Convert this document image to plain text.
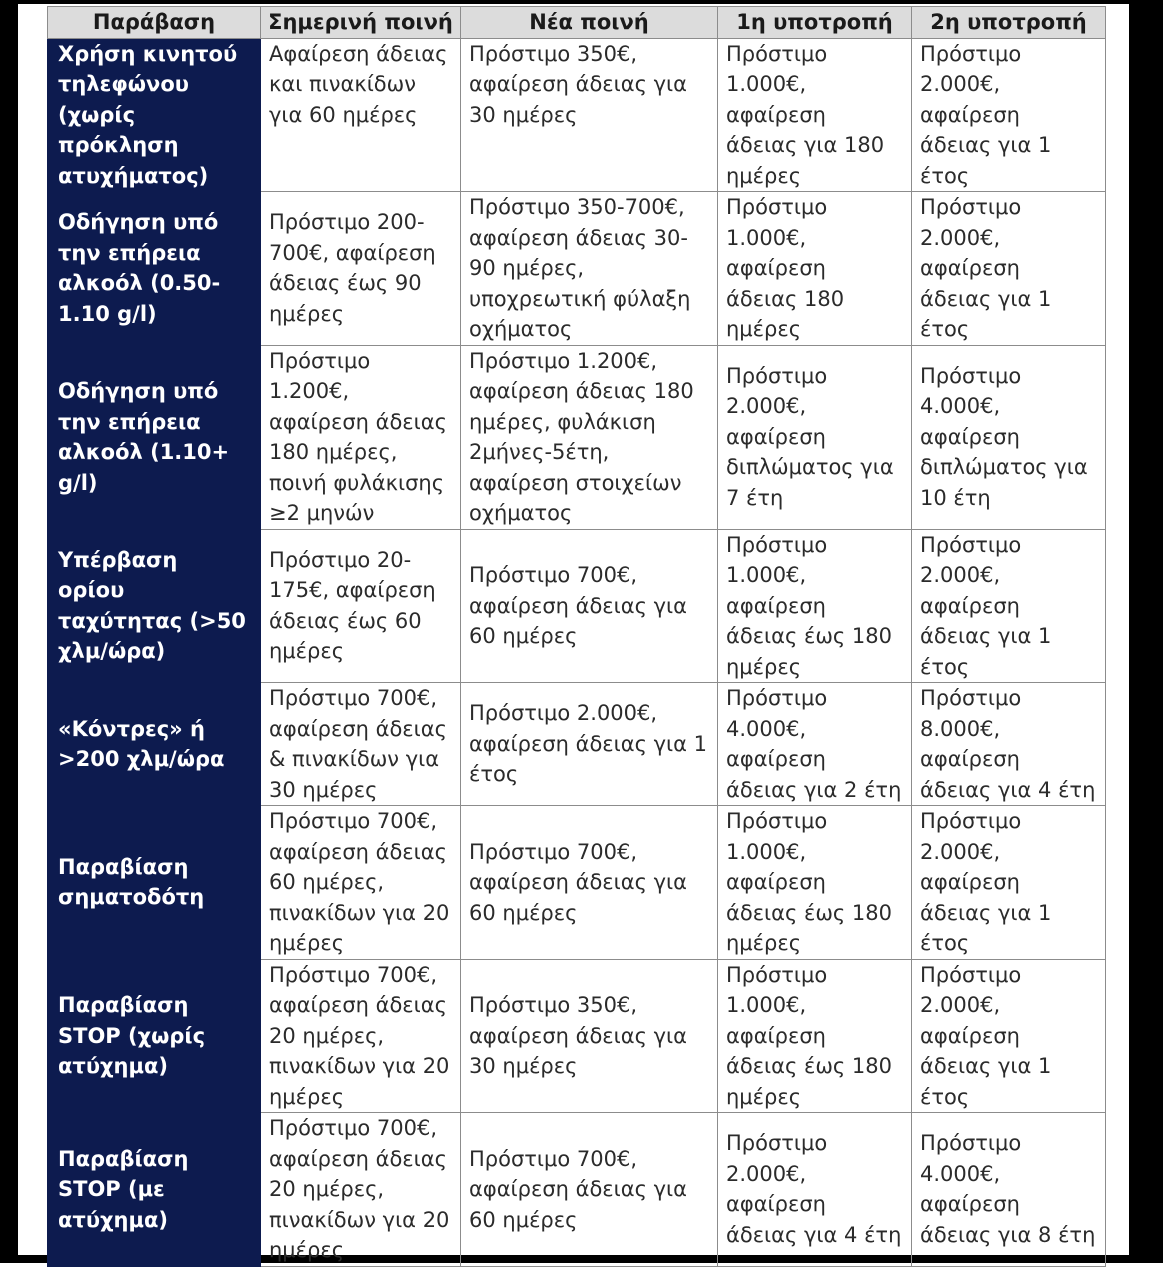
Παράβαση	Σημερινή ποινή	Νέα ποινή	1η υποτροπή	2η υποτροπή
Χρήση κινητού τηλεφώνου (χωρίς πρόκληση ατυχήματος)	Αφαίρεση άδειας και πινακίδων για 60 ημέρες	Πρόστιμο 350€, αφαίρεση άδειας για 30 ημέρες	Πρόστιμο 1.000€, αφαίρεση άδειας για 180 ημέρες	Πρόστιμο 2.000€, αφαίρεση άδειας για 1 έτος
Οδήγηση υπό την επήρεια αλκοόλ (0.50-1.10 g/l)	Πρόστιμο 200-700€, αφαίρεση άδειας έως 90 ημέρες	Πρόστιμο 350-700€, αφαίρεση άδειας 30-90 ημέρες, υποχρεωτική φύλαξη οχήματος	Πρόστιμο 1.000€, αφαίρεση άδειας 180 ημέρες	Πρόστιμο 2.000€, αφαίρεση άδειας για 1 έτος
Οδήγηση υπό την επήρεια αλκοόλ (1.10+ g/l)	Πρόστιμο 1.200€, αφαίρεση άδειας 180 ημέρες, ποινή φυλάκισης ≥2 μηνών	Πρόστιμο 1.200€, αφαίρεση άδειας 180 ημέρες, φυλάκιση 2μήνες-5έτη, αφαίρεση στοιχείων οχήματος	Πρόστιμο 2.000€, αφαίρεση διπλώματος για 7 έτη	Πρόστιμο 4.000€, αφαίρεση διπλώματος για 10 έτη
Υπέρβαση ορίου ταχύτητας (>50 χλμ/ώρα)	Πρόστιμο 20-175€, αφαίρεση άδειας έως 60 ημέρες	Πρόστιμο 700€, αφαίρεση άδειας για 60 ημέρες	Πρόστιμο 1.000€, αφαίρεση άδειας έως 180 ημέρες	Πρόστιμο 2.000€, αφαίρεση άδειας για 1 έτος
«Κόντρες» ή >200 χλμ/ώρα	Πρόστιμο 700€, αφαίρεση άδειας & πινακίδων για 30 ημέρες	Πρόστιμο 2.000€, αφαίρεση άδειας για 1 έτος	Πρόστιμο 4.000€, αφαίρεση άδειας για 2 έτη	Πρόστιμο 8.000€, αφαίρεση άδειας για 4 έτη
Παραβίαση σηματοδότη	Πρόστιμο 700€, αφαίρεση άδειας 60 ημέρες, πινακίδων για 20 ημέρες	Πρόστιμο 700€, αφαίρεση άδειας για 60 ημέρες	Πρόστιμο 1.000€, αφαίρεση άδειας έως 180 ημέρες	Πρόστιμο 2.000€, αφαίρεση άδειας για 1 έτος
Παραβίαση STOP (χωρίς ατύχημα)	Πρόστιμο 700€, αφαίρεση άδειας 20 ημέρες, πινακίδων για 20 ημέρες	Πρόστιμο 350€, αφαίρεση άδειας για 30 ημέρες	Πρόστιμο 1.000€, αφαίρεση άδειας έως 180 ημέρες	Πρόστιμο 2.000€, αφαίρεση άδειας για 1 έτος
Παραβίαση STOP (με ατύχημα)	Πρόστιμο 700€, αφαίρεση άδειας 20 ημέρες, πινακίδων για 20 ημέρες	Πρόστιμο 700€, αφαίρεση άδειας για 60 ημέρες	Πρόστιμο 2.000€, αφαίρεση άδειας για 4 έτη	Πρόστιμο 4.000€, αφαίρεση άδειας για 8 έτη
